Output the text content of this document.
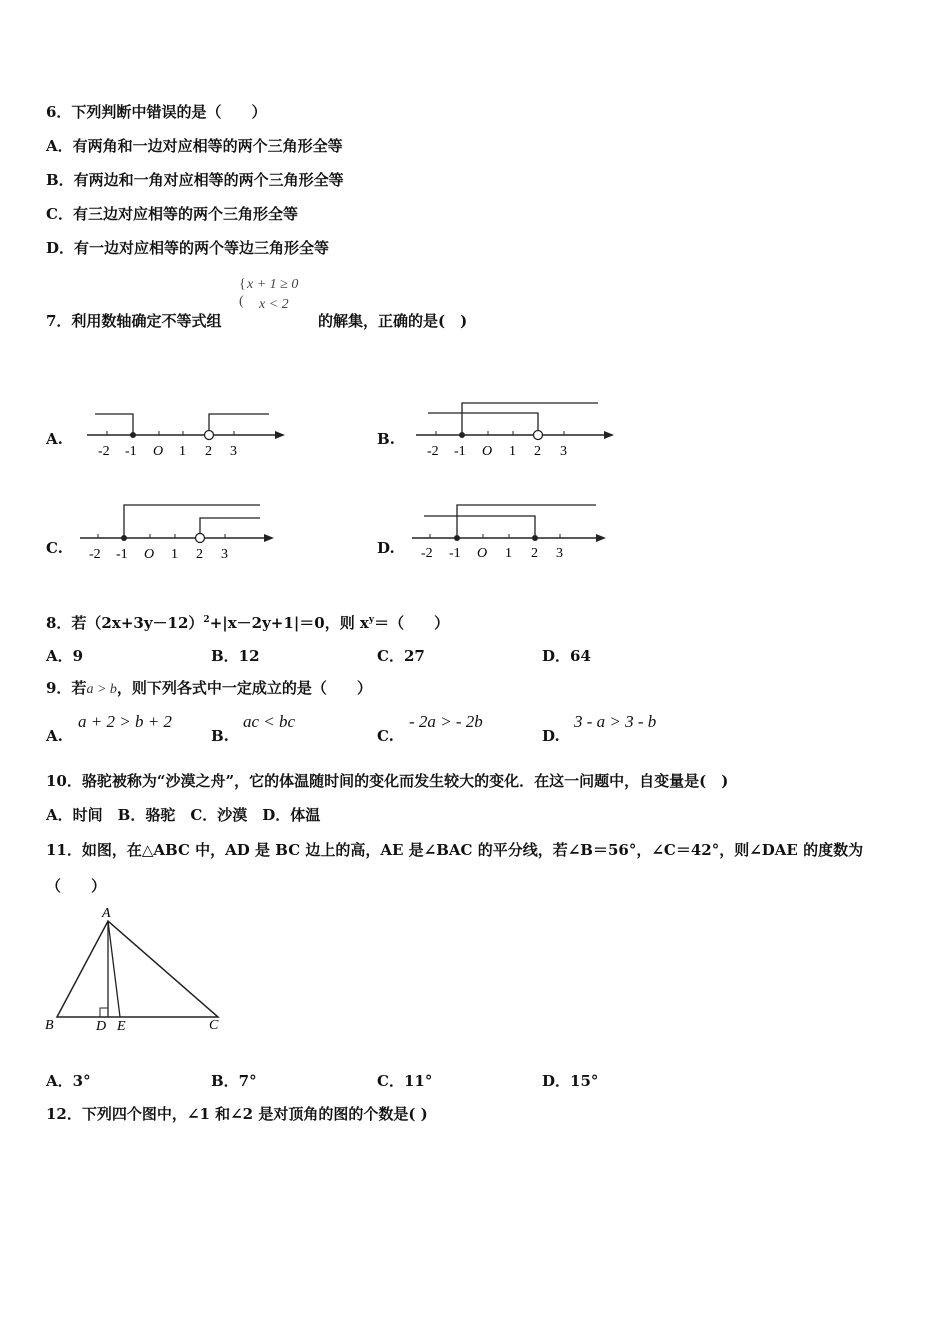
6．下列判断中错误的是（　　）
A．有两角和一边对应相等的两个三角形全等
B．有两边和一角对应相等的两个三角形全等
C．有三边对应相等的两个三角形全等
D．有一边对应相等的两个等边三角形全等
{
(
x + 1 ≥ 0
x < 2
7．利用数轴确定不等式组	的解集，正确的是(　)
A.	B.
C.	D.
-2 -1 O 1 2 3	-2 -1 O 1 2 3
-2 -1 O 1 2 3	-2 -1 O 1 2 3
8．若$(2x+3y-12)^2+|x-2y+1|=0$，则 $x^y=$（　　）
A．9	B．12	C．27	D．64
9．若a > b，则下列各式中一定成立的是（　　）
A.
a + 2 > b + 2
B.
ac < bc
C.
- 2a > - 2b
D.
3 - a > 3 - b
10．骆驼被称为“沙漠之舟”，它的体温随时间的变化而发生较大的变化．在这一问题中，自变量是(　)
A．时间　B．骆驼　C．沙漠　D．体温
11．如图，在△ABC 中，AD 是 BC 边上的高，AE 是∠BAC 的平分线，若∠B＝56°，∠C＝42°，则∠DAE 的度数为
（　　）
A
B	D E	C
A．3°	B．7°	C．11°	D．15°
12．下列四个图中，∠1 和∠2 是对顶角的图的个数是( )
